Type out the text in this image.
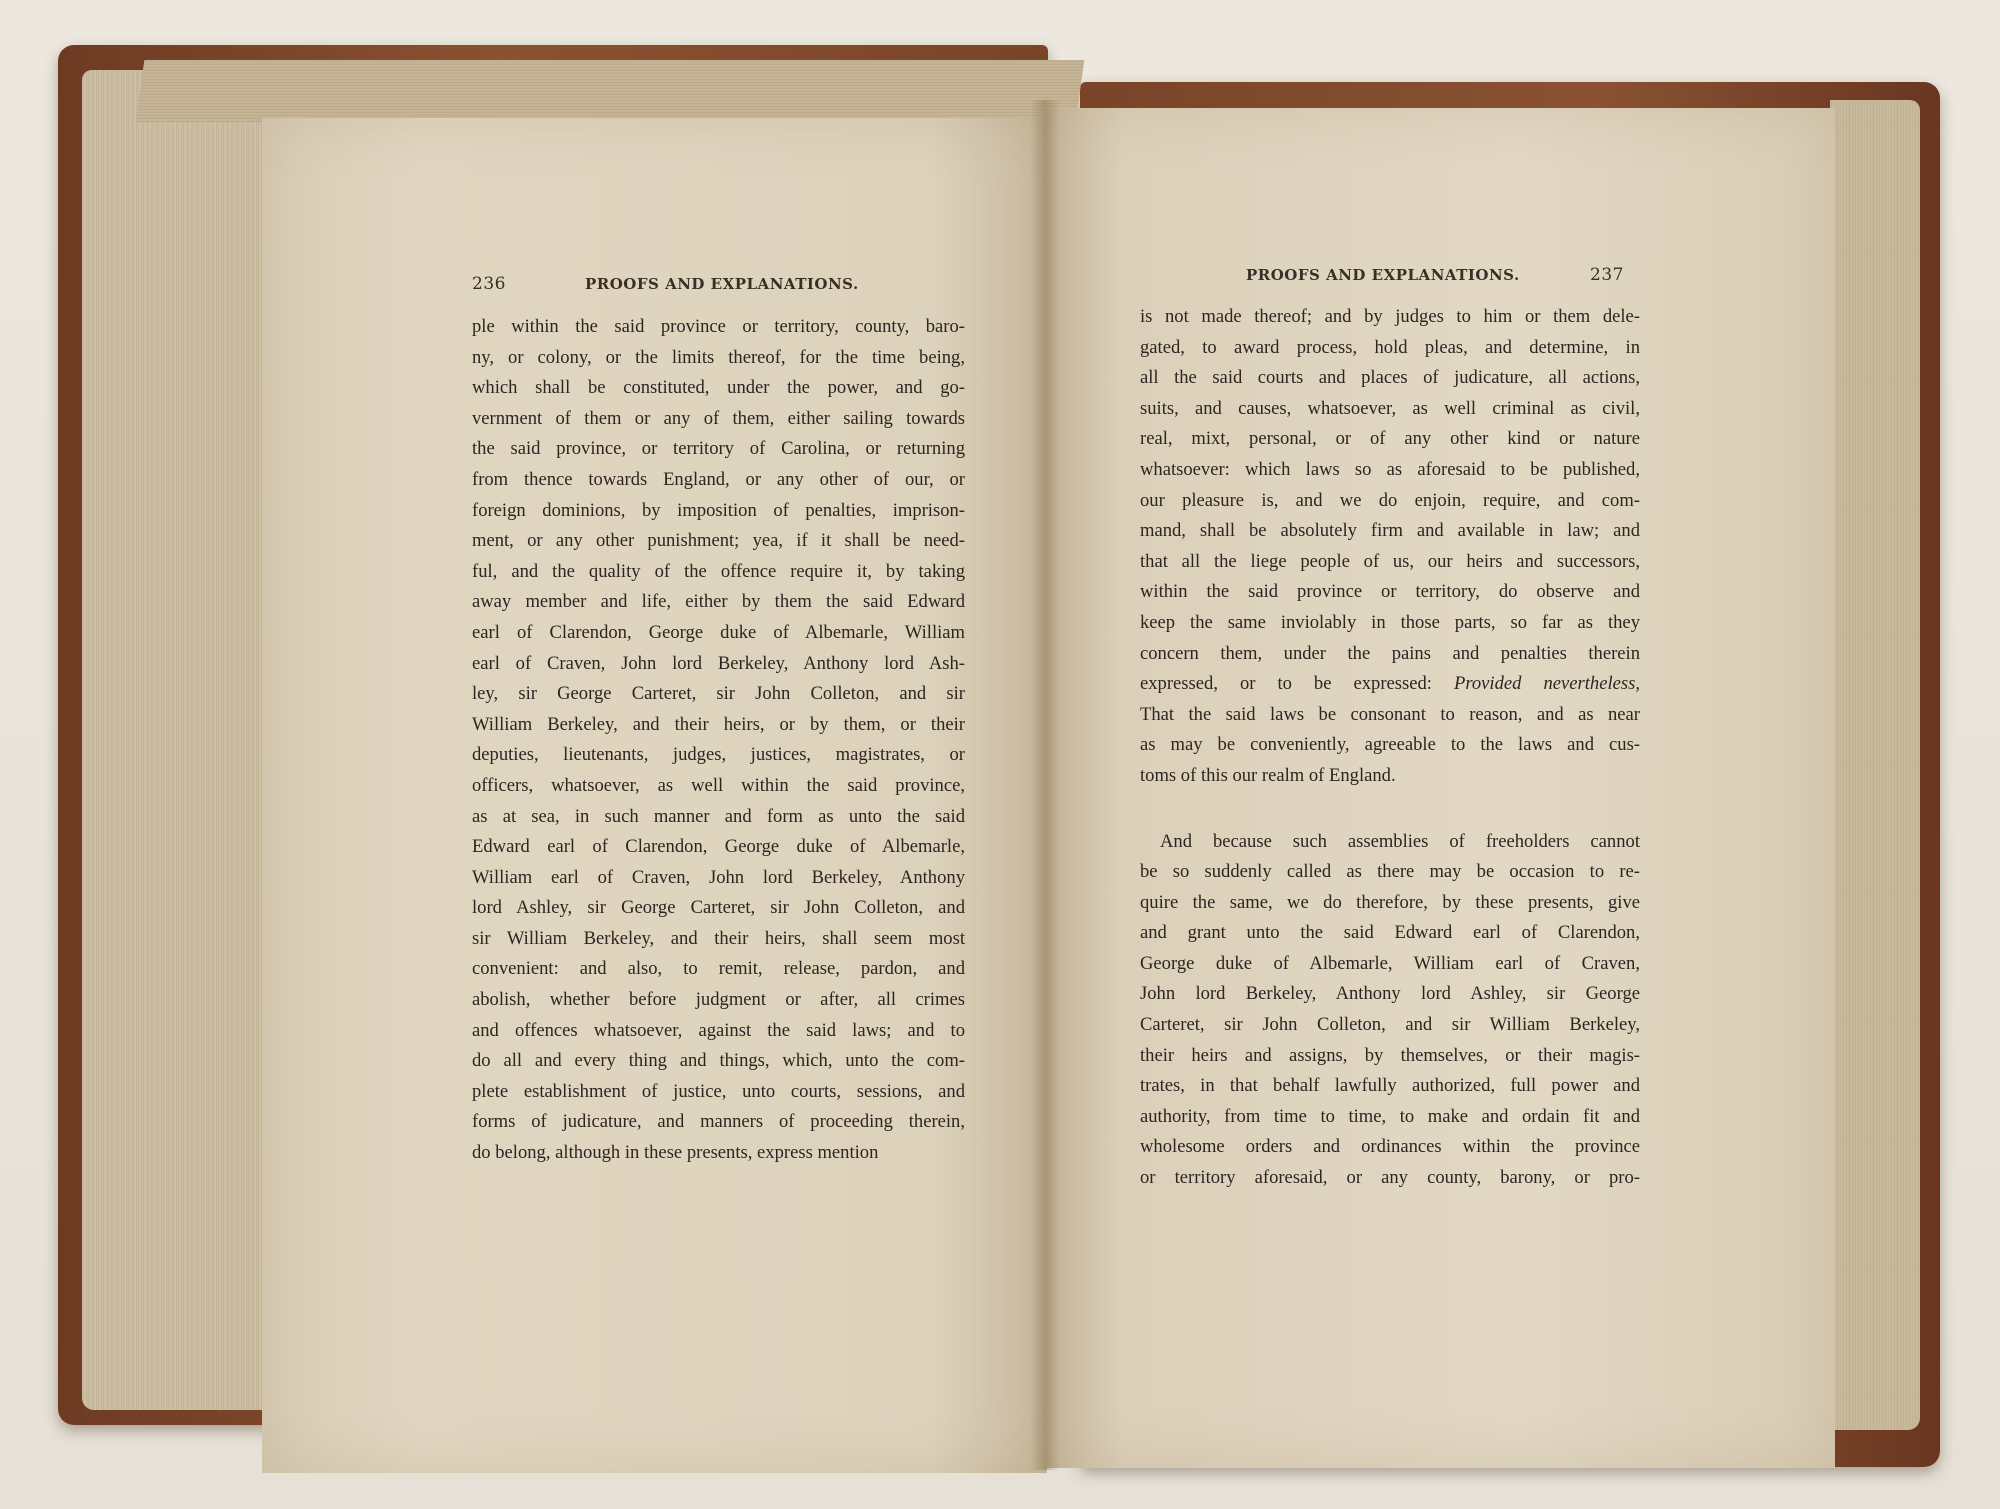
236	PROOFS AND EXPLANATIONS.
ple within the said province or territory, county, baro-
ny, or colony, or the limits thereof, for the time being,
which shall be constituted, under the power, and go-
vernment of them or any of them, either sailing towards
the said province, or territory of Carolina, or returning
from thence towards England, or any other of our, or
foreign dominions, by imposition of penalties, imprison-
ment, or any other punishment; yea, if it shall be need-
ful, and the quality of the offence require it, by taking
away member and life, either by them the said Edward
earl of Clarendon, George duke of Albemarle, William
earl of Craven, John lord Berkeley, Anthony lord Ash-
ley, sir George Carteret, sir John Colleton, and sir
William Berkeley, and their heirs, or by them, or their
deputies, lieutenants, judges, justices, magistrates, or
officers, whatsoever, as well within the said province,
as at sea, in such manner and form as unto the said
Edward earl of Clarendon, George duke of Albemarle,
William earl of Craven, John lord Berkeley, Anthony
lord Ashley, sir George Carteret, sir John Colleton, and
sir William Berkeley, and their heirs, shall seem most
convenient: and also, to remit, release, pardon, and
abolish, whether before judgment or after, all crimes
and offences whatsoever, against the said laws; and to
do all and every thing and things, which, unto the com-
plete establishment of justice, unto courts, sessions, and
forms of judicature, and manners of proceeding therein,
do belong, although in these presents, express mention
PROOFS AND EXPLANATIONS.	237
is not made thereof; and by judges to him or them dele-
gated, to award process, hold pleas, and determine, in
all the said courts and places of judicature, all actions,
suits, and causes, whatsoever, as well criminal as civil,
real, mixt, personal, or of any other kind or nature
whatsoever: which laws so as aforesaid to be published,
our pleasure is, and we do enjoin, require, and com-
mand, shall be absolutely firm and available in law; and
that all the liege people of us, our heirs and successors,
within the said province or territory, do observe and
keep the same inviolably in those parts, so far as they
concern them, under the pains and penalties therein
expressed, or to be expressed: Provided nevertheless,
That the said laws be consonant to reason, and as near
as may be conveniently, agreeable to the laws and cus-
toms of this our realm of England.
And because such assemblies of freeholders cannot
be so suddenly called as there may be occasion to re-
quire the same, we do therefore, by these presents, give
and grant unto the said Edward earl of Clarendon,
George duke of Albemarle, William earl of Craven,
John lord Berkeley, Anthony lord Ashley, sir George
Carteret, sir John Colleton, and sir William Berkeley,
their heirs and assigns, by themselves, or their magis-
trates, in that behalf lawfully authorized, full power and
authority, from time to time, to make and ordain fit and
wholesome orders and ordinances within the province
or territory aforesaid, or any county, barony, or pro-
